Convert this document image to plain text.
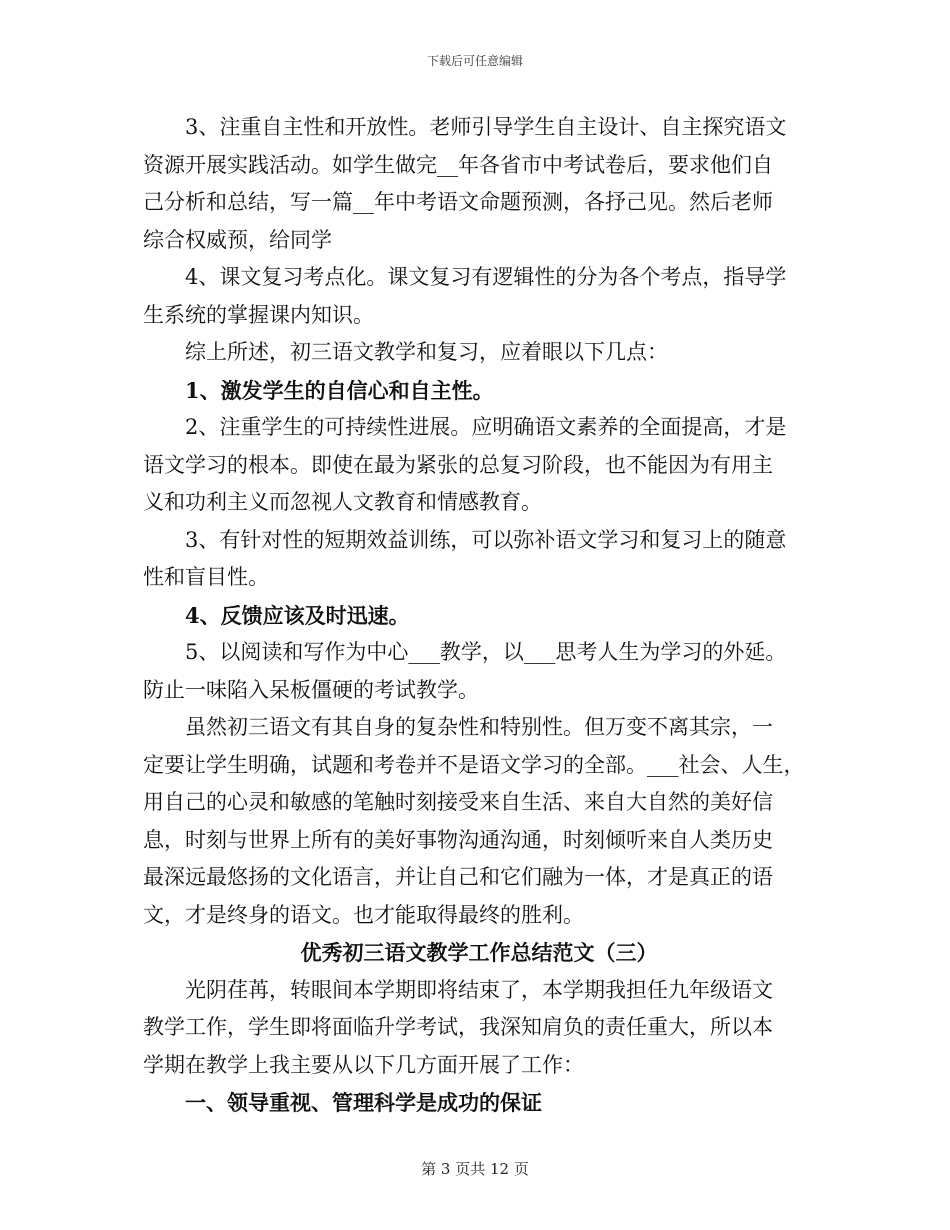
下载后可任意编辑

　　3、注重自主性和开放性。老师引导学生自主设计、自主探究语文

资源开展实践活动。如学生做完__年各省市中考试卷后，要求他们自

己分析和总结，写一篇__年中考语文命题预测，各抒己见。然后老师

综合权威预，给同学

　　4、课文复习考点化。课文复习有逻辑性的分为各个考点，指导学

生系统的掌握课内知识。

　　综上所述，初三语文教学和复习，应着眼以下几点：

　　1、激发学生的自信心和自主性。

　　2、注重学生的可持续性进展。应明确语文素养的全面提高，才是

语文学习的根本。即使在最为紧张的总复习阶段，也不能因为有用主

义和功利主义而忽视人文教育和情感教育。

　　3、有针对性的短期效益训练，可以弥补语文学习和复习上的随意

性和盲目性。

　　4、反馈应该及时迅速。

　　5、以阅读和写作为中心___教学，以___思考人生为学习的外延。

防止一味陷入呆板僵硬的考试教学。

　　虽然初三语文有其自身的复杂性和特别性。但万变不离其宗，一

定要让学生明确，试题和考卷并不是语文学习的全部。___社会、人生，

用自己的心灵和敏感的笔触时刻接受来自生活、来自大自然的美好信

息，时刻与世界上所有的美好事物沟通沟通，时刻倾听来自人类历史

最深远最悠扬的文化语言，并让自己和它们融为一体，才是真正的语

文，才是终身的语文。也才能取得最终的胜利。

优秀初三语文教学工作总结范文（三）

　　光阴荏苒，转眼间本学期即将结束了，本学期我担任九年级语文

教学工作，学生即将面临升学考试，我深知肩负的责任重大，所以本

学期在教学上我主要从以下几方面开展了工作：

　　一、领导重视、管理科学是成功的保证

第 3 页共 12 页
